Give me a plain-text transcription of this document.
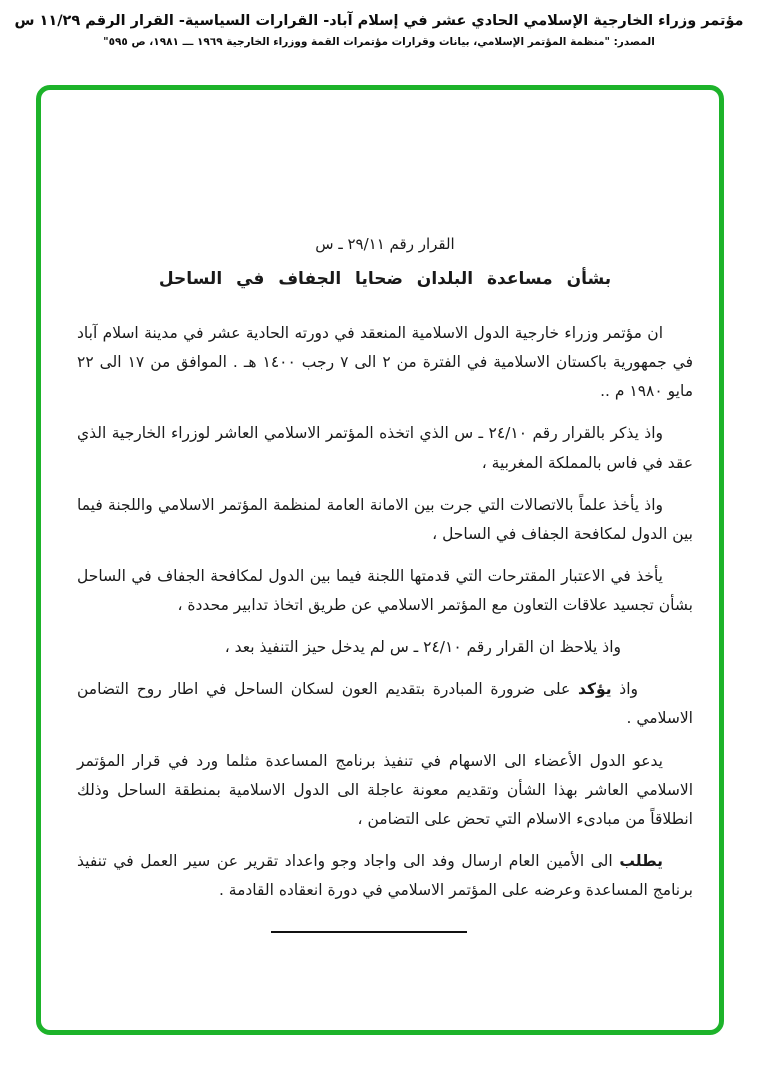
مؤتمر وزراء الخارجية الإسلامي الحادي عشر في إسلام آباد- القرارات السياسية- القرار الرقم ١١/٢٩ س
المصدر: "منظمة المؤتمر الإسلامي، بيانات وقرارات مؤتمرات القمة ووزراء الخارجية ١٩٦٩ ـــ ١٩٨١، ص ٥٩٥"
القرار رقم ٢٩/١١ ـ س
بشأن مساعدة البلدان ضحايا الجفاف في الساحل

ان مؤتمر وزراء خارجية الدول الاسلامية المنعقد في دورته الحادية عشر في مدينة اسلام آباد في جمهورية باكستان الاسلامية في الفترة من ٢ الى ٧ رجب ١٤٠٠ هـ . الموافق من ١٧ الى ٢٢ مايو ١٩٨٠ م ..

واذ يذكر بالقرار رقم ٢٤/١٠ ـ س الذي اتخذه المؤتمر الاسلامي العاشر لوزراء الخارجية الذي عقد في فاس بالمملكة المغربية ،

واذ يأخذ علماً بالاتصالات التي جرت بين الامانة العامة لمنظمة المؤتمر الاسلامي واللجنة فيما بين الدول لمكافحة الجفاف في الساحل ،

يأخذ في الاعتبار المقترحات التي قدمتها اللجنة فيما بين الدول لمكافحة الجفاف في الساحل بشأن تجسيد علاقات التعاون مع المؤتمر الاسلامي عن طريق اتخاذ تدابير محددة ،

واذ يلاحظ ان القرار رقم ٢٤/١٠ ـ س لم يدخل حيز التنفيذ بعد ،

واذ يؤكد على ضرورة المبادرة بتقديم العون لسكان الساحل في اطار روح التضامن الاسلامي .

يدعو الدول الأعضاء الى الاسهام في تنفيذ برنامج المساعدة مثلما ورد في قرار المؤتمر الاسلامي العاشر بهذا الشأن وتقديم معونة عاجلة الى الدول الاسلامية بمنطقة الساحل وذلك انطلاقاً من مبادىء الاسلام التي تحض على التضامن ،

يطلب الى الأمين العام ارسال وفد الى واجاد وجو واعداد تقرير عن سير العمل في تنفيذ برنامج المساعدة وعرضه على المؤتمر الاسلامي في دورة انعقاده القادمة .
